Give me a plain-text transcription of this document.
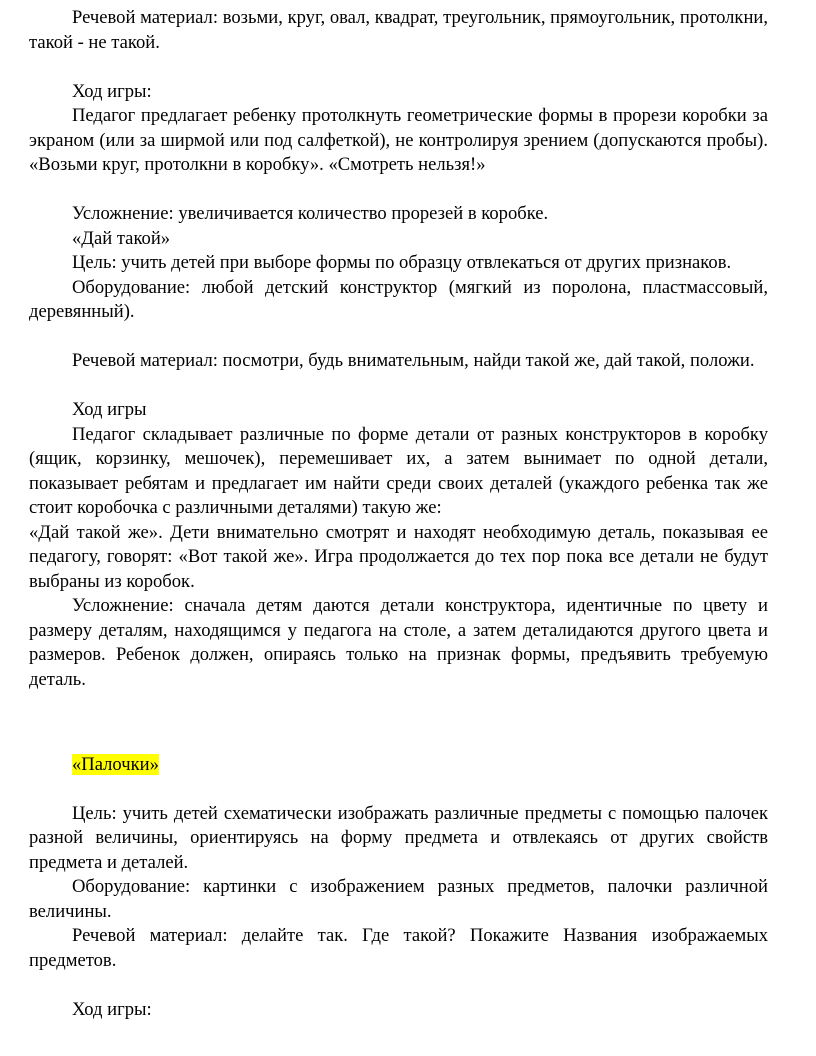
Речевой материал: возьми, круг, овал, квадрат, треугольник, прямоугольник, протолкни, такой - не такой.

Ход игры:

Педагог предлагает ребенку протолкнуть геометрические формы в прорези коробки за экраном (или за ширмой или под салфеткой), не контролируя зрением (допускаются пробы). «Возьми круг, протолкни в коробку». «Смотреть нельзя!»

Усложнение: увеличивается количество прорезей в коробке.

«Дай такой»

Цель: учить детей при выборе формы по образцу отвлекаться от других признаков.

Оборудование: любой детский конструктор (мягкий из поролона, пластмассовый, деревянный).

Речевой материал: посмотри, будь внимательным, найди такой же, дай такой, положи.

Ход игры

Педагог складывает различные по форме детали от разных конструкторов в коробку (ящик, корзинку, мешочек), перемешивает их, а затем вынимает по одной детали, показывает ребятам и предлагает им найти среди своих деталей (укаждого ребенка так же стоит коробочка с различными деталями) такую же:

«Дай такой же». Дети внимательно смотрят и находят необходимую деталь, показывая ее педагогу, говорят: «Вот такой же». Игра продолжается до тех пор пока все детали не будут выбраны из коробок.

Усложнение: сначала детям даются детали конструктора, идентичные по цвету и размеру деталям, находящимся у педагога на столе, а затем деталидаются другого цвета и размеров. Ребенок должен, опираясь только на признак формы, предъявить требуемую деталь.

«Палочки»

Цель: учить детей схематически изображать различные предметы с помощью палочек разной величины, ориентируясь на форму предмета и отвлекаясь от других свойств предмета и деталей.

Оборудование: картинки с изображением разных предметов, палочки различной величины.

Речевой материал: делайте так. Где такой? Покажите Названия изображаемых предметов.

Ход игры:
